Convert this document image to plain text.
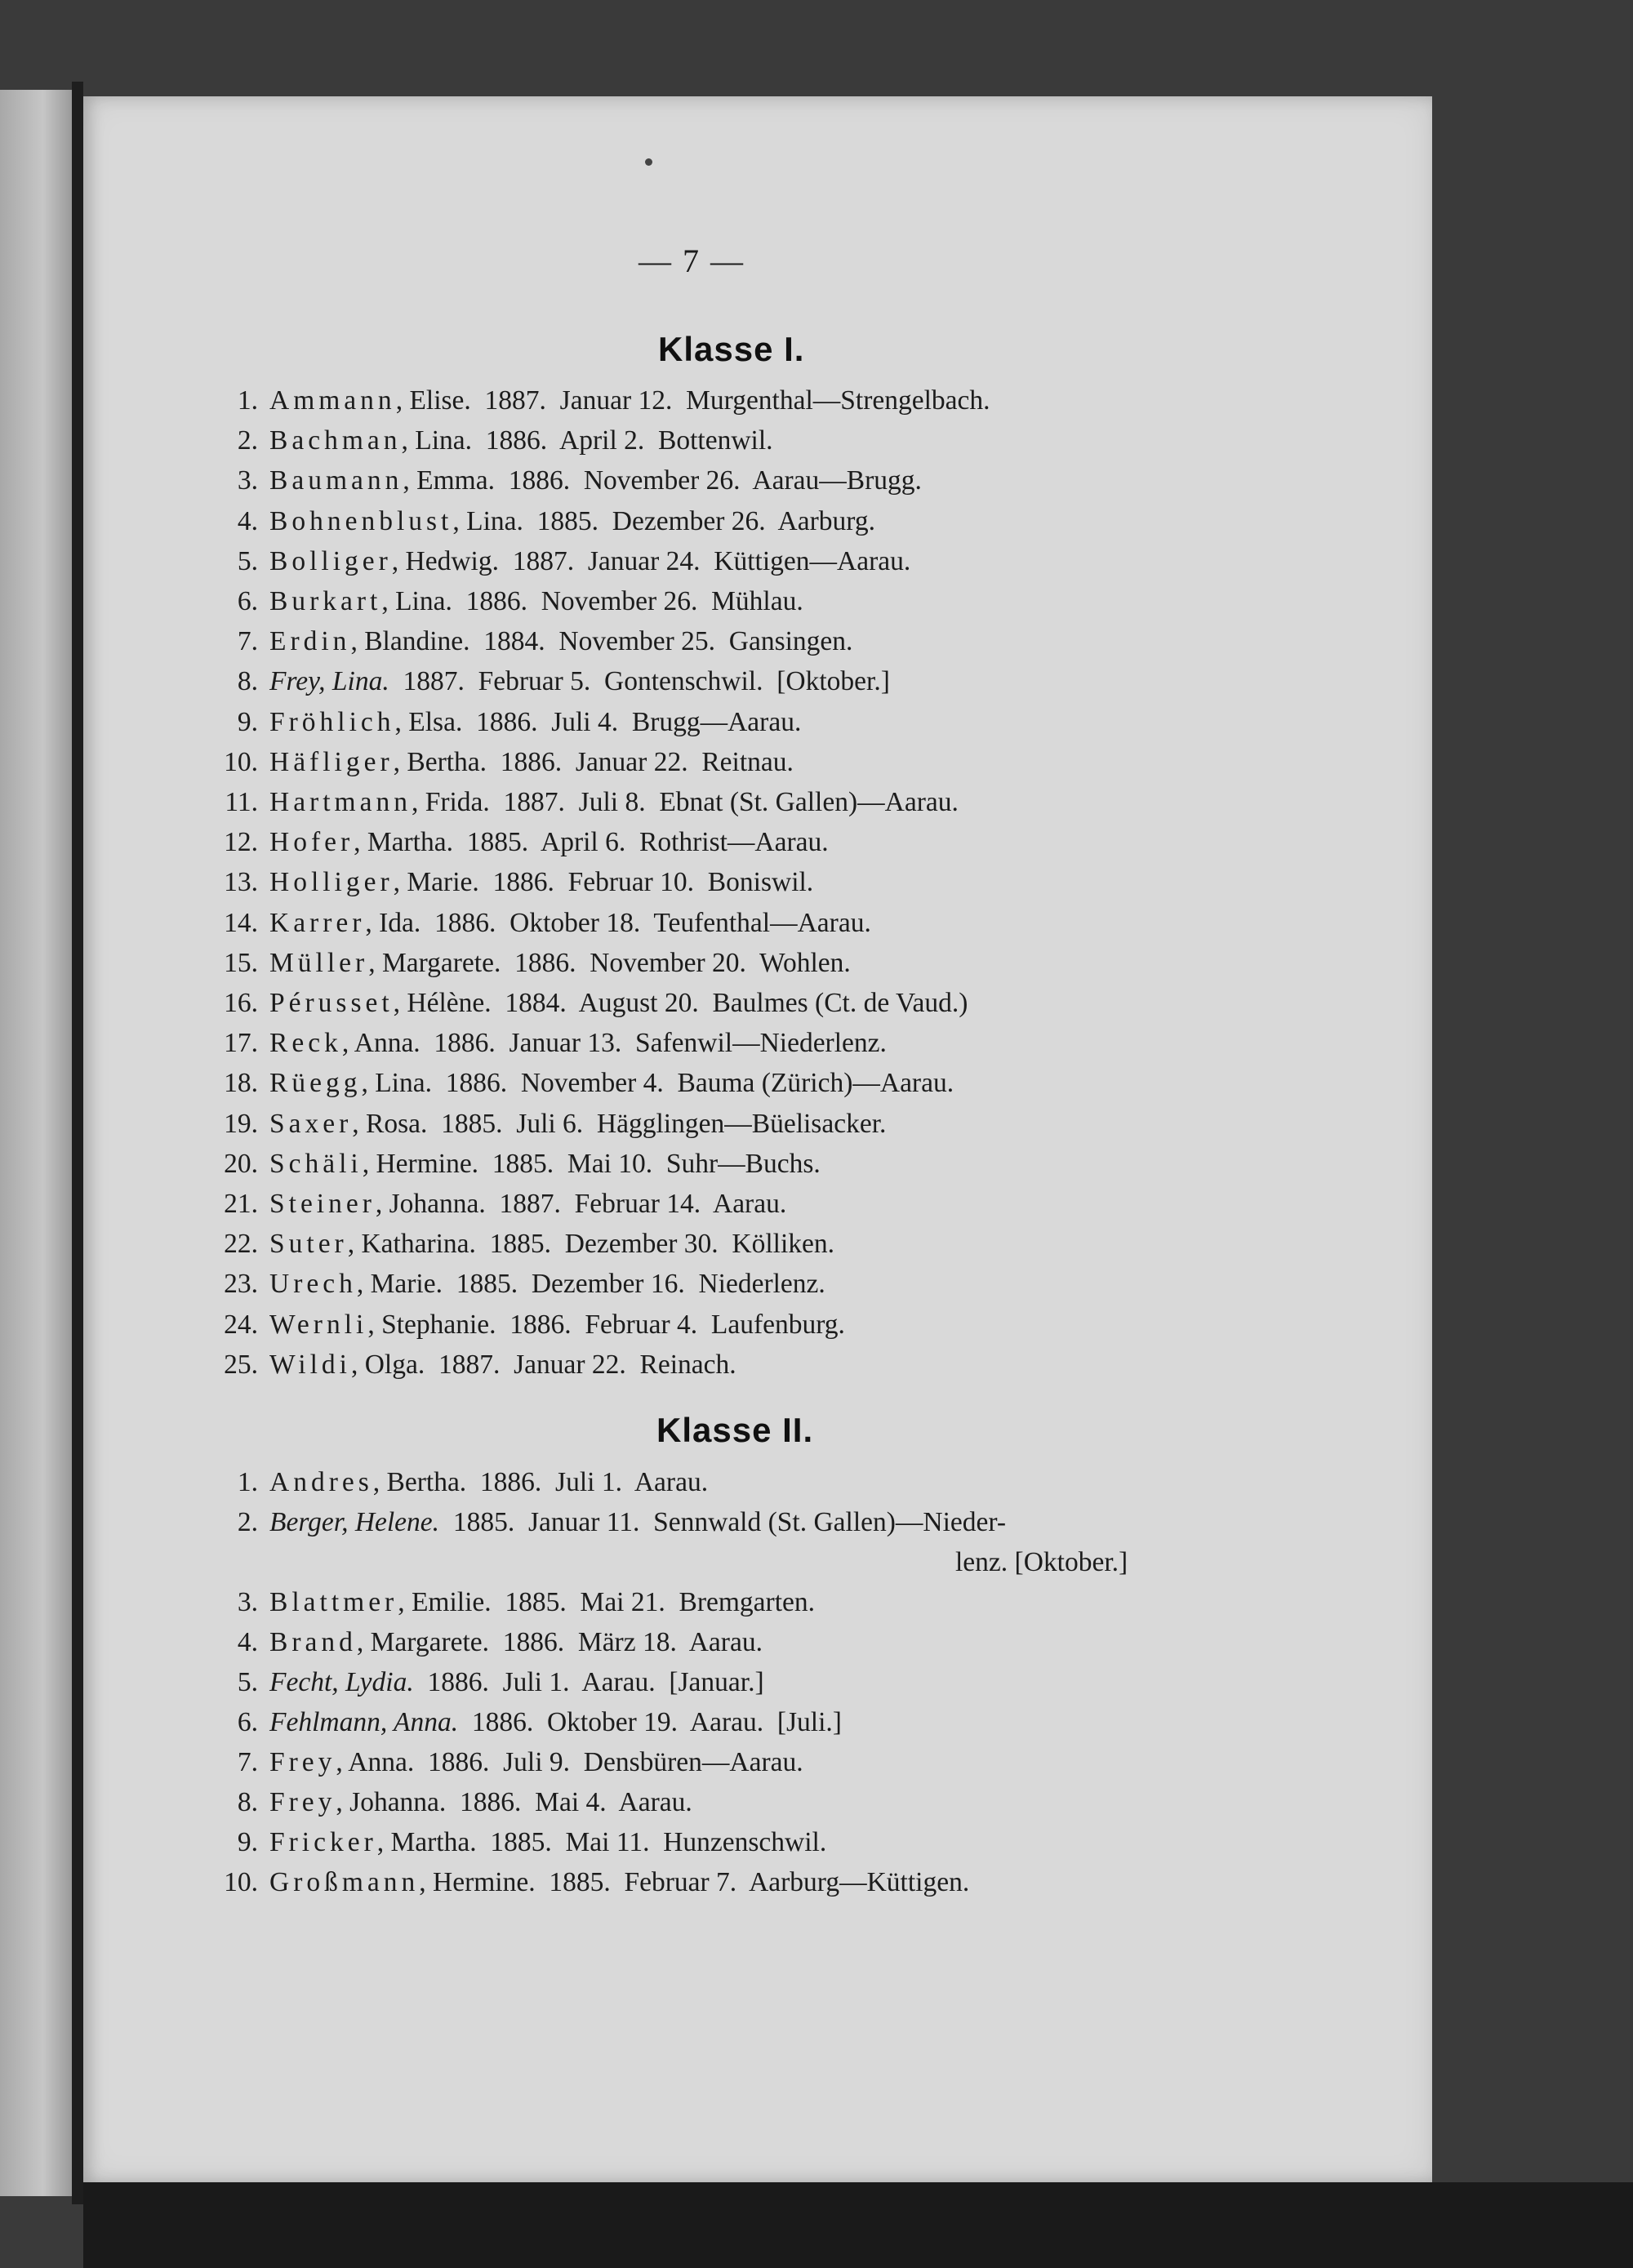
— 7 —
Klasse I.
1. Ammann, Elise.  1887.  Januar 12.  Murgenthal—Strengelbach.
2. Bachman, Lina.  1886.  April 2.  Bottenwil.
3. Baumann, Emma.  1886.  November 26.  Aarau—Brugg.
4. Bohnenblust, Lina.  1885.  Dezember 26.  Aarburg.
5. Bolliger, Hedwig.  1887.  Januar 24.  Küttigen—Aarau.
6. Burkart, Lina.  1886.  November 26.  Mühlau.
7. Erdin, Blandine.  1884.  November 25.  Gansingen.
8. Frey, Lina.  1887.  Februar 5.  Gontenschwil.  [Oktober.]
9. Fröhlich, Elsa.  1886.  Juli 4.  Brugg—Aarau.
10. Häfliger, Bertha.  1886.  Januar 22.  Reitnau.
11. Hartmann, Frida.  1887.  Juli 8.  Ebnat (St. Gallen)—Aarau.
12. Hofer, Martha.  1885.  April 6.  Rothrist—Aarau.
13. Holliger, Marie.  1886.  Februar 10.  Boniswil.
14. Karrer, Ida.  1886.  Oktober 18.  Teufenthal—Aarau.
15. Müller, Margarete.  1886.  November 20.  Wohlen.
16. Pérusset, Hélène.  1884.  August 20.  Baulmes (Ct. de Vaud.)
17. Reck, Anna.  1886.  Januar 13.  Safenwil—Niederlenz.
18. Rüegg, Lina.  1886.  November 4.  Bauma (Zürich)—Aarau.
19. Saxer, Rosa.  1885.  Juli 6.  Hägglingen—Büelisacker.
20. Schäli, Hermine.  1885.  Mai 10.  Suhr—Buchs.
21. Steiner, Johanna.  1887.  Februar 14.  Aarau.
22. Suter, Katharina.  1885.  Dezember 30.  Kölliken.
23. Urech, Marie.  1885.  Dezember 16.  Niederlenz.
24. Wernli, Stephanie.  1886.  Februar 4.  Laufenburg.
25. Wildi, Olga.  1887.  Januar 22.  Reinach.
Klasse II.
1. Andres, Bertha.  1886.  Juli 1.  Aarau.
2. Berger, Helene.  1885.  Januar 11.  Sennwald (St. Gallen)—Nieder-
lenz. [Oktober.]
3. Blattmer, Emilie.  1885.  Mai 21.  Bremgarten.
4. Brand, Margarete.  1886.  März 18.  Aarau.
5. Fecht, Lydia.  1886.  Juli 1.  Aarau.  [Januar.]
6. Fehlmann, Anna.  1886.  Oktober 19.  Aarau.  [Juli.]
7. Frey, Anna.  1886.  Juli 9.  Densbüren—Aarau.
8. Frey, Johanna.  1886.  Mai 4.  Aarau.
9. Fricker, Martha.  1885.  Mai 11.  Hunzenschwil.
10. Großmann, Hermine.  1885.  Februar 7.  Aarburg—Küttigen.
